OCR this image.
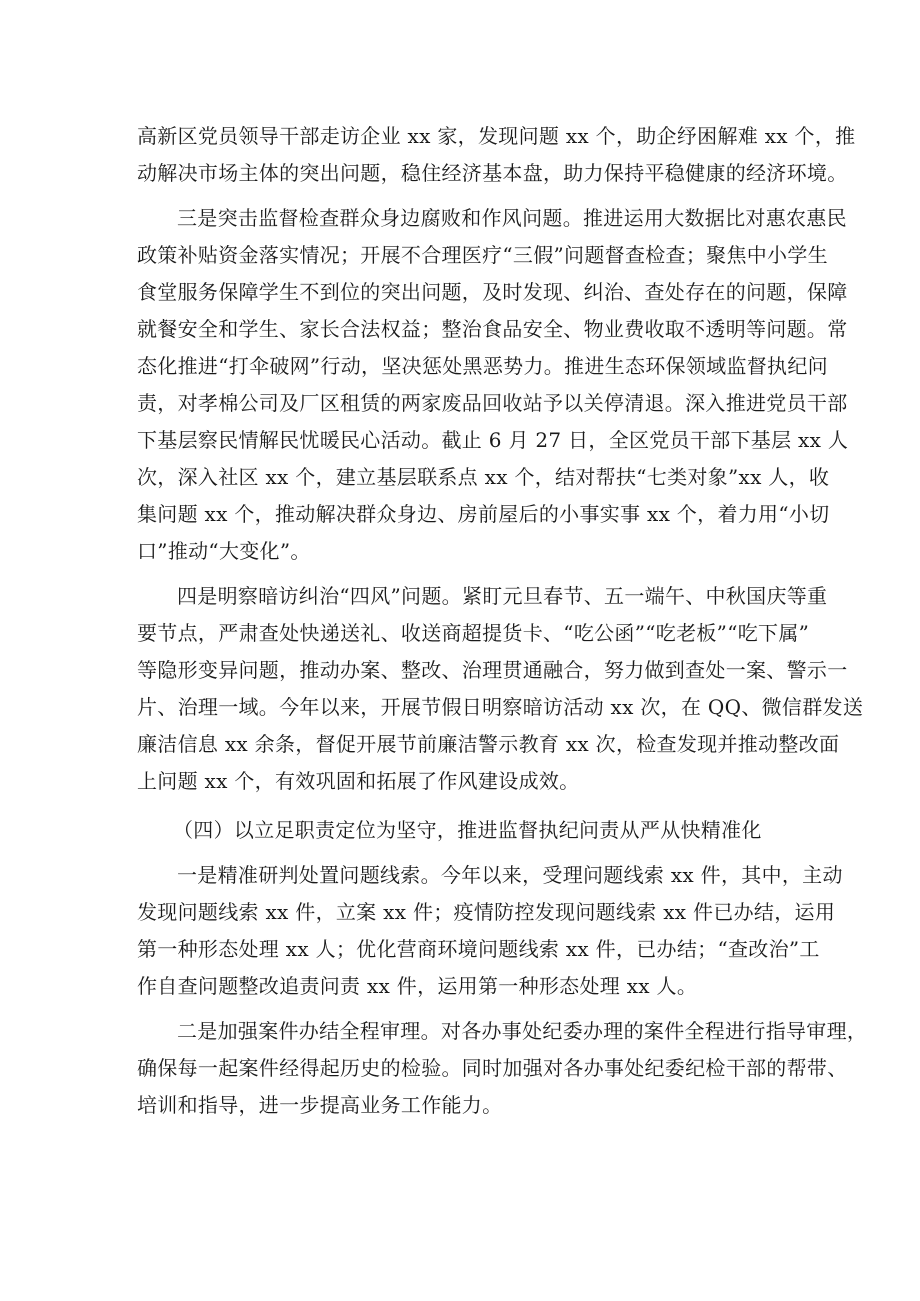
高新区党员领导干部走访企业 xx 家，发现问题 xx 个，助企纾困解难 xx 个，推
动解决市场主体的突出问题，稳住经济基本盘，助力保持平稳健康的经济环境。

三是突击监督检查群众身边腐败和作风问题。推进运用大数据比对惠农惠民
政策补贴资金落实情况；开展不合理医疗“三假”问题督查检查；聚焦中小学生
食堂服务保障学生不到位的突出问题，及时发现、纠治、查处存在的问题，保障
就餐安全和学生、家长合法权益；整治食品安全、物业费收取不透明等问题。常
态化推进“打伞破网”行动，坚决惩处黑恶势力。推进生态环保领域监督执纪问
责，对孝棉公司及厂区租赁的两家废品回收站予以关停清退。深入推进党员干部
下基层察民情解民忧暖民心活动。截止 6 月 27 日，全区党员干部下基层 xx 人
次，深入社区 xx 个，建立基层联系点 xx 个，结对帮扶“七类对象”xx 人，收
集问题 xx 个，推动解决群众身边、房前屋后的小事实事 xx 个，着力用“小切
口”推动“大变化”。

四是明察暗访纠治“四风”问题。紧盯元旦春节、五一端午、中秋国庆等重
要节点，严肃查处快递送礼、收送商超提货卡、“吃公函”“吃老板”“吃下属”
等隐形变异问题，推动办案、整改、治理贯通融合，努力做到查处一案、警示一
片、治理一域。今年以来，开展节假日明察暗访活动 xx 次，在 QQ、微信群发送
廉洁信息 xx 余条，督促开展节前廉洁警示教育 xx 次，检查发现并推动整改面
上问题 xx 个，有效巩固和拓展了作风建设成效。

（四）以立足职责定位为坚守，推进监督执纪问责从严从快精准化

一是精准研判处置问题线索。今年以来，受理问题线索 xx 件，其中，主动
发现问题线索 xx 件，立案 xx 件；疫情防控发现问题线索 xx 件已办结，运用
第一种形态处理 xx 人；优化营商环境问题线索 xx 件，已办结；“查改治”工
作自查问题整改追责问责 xx 件，运用第一种形态处理 xx 人。

二是加强案件办结全程审理。对各办事处纪委办理的案件全程进行指导审理，
确保每一起案件经得起历史的检验。同时加强对各办事处纪委纪检干部的帮带、
培训和指导，进一步提高业务工作能力。
